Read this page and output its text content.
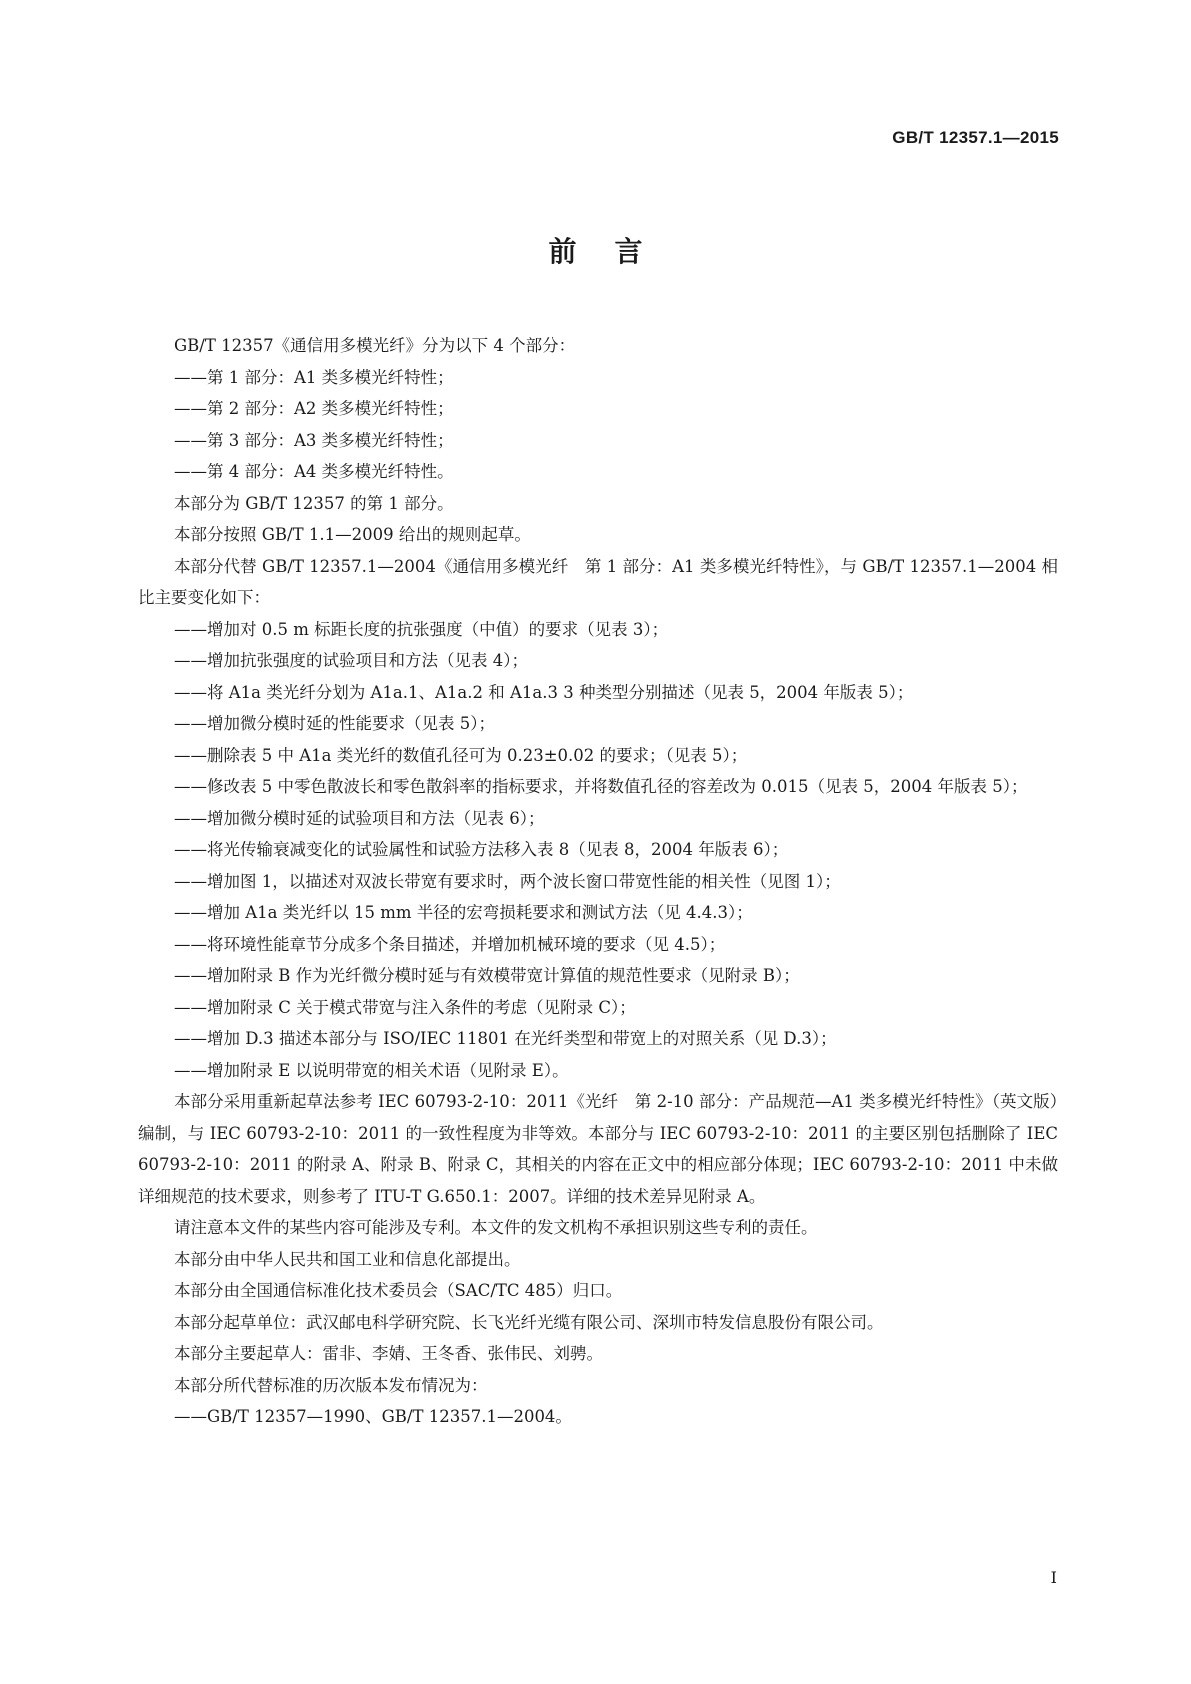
GB/T 12357.1—2015
前言

GB/T 12357《通信用多模光纤》分为以下 4 个部分：

——第 1 部分：A1 类多模光纤特性；

——第 2 部分：A2 类多模光纤特性；

——第 3 部分：A3 类多模光纤特性；

——第 4 部分：A4 类多模光纤特性。

本部分为 GB/T 12357 的第 1 部分。

本部分按照 GB/T 1.1—2009 给出的规则起草。

本部分代替 GB/T 12357.1—2004《通信用多模光纤　第 1 部分：A1 类多模光纤特性》，与 GB/T 12357.1—2004 相比主要变化如下：

——增加对 0.5 m 标距长度的抗张强度（中值）的要求（见表 3）；

——增加抗张强度的试验项目和方法（见表 4）；

——将 A1a 类光纤分划为 A1a.1、A1a.2 和 A1a.3 3 种类型分别描述（见表 5，2004 年版表 5）；

——增加微分模时延的性能要求（见表 5）；

——删除表 5 中 A1a 类光纤的数值孔径可为 0.23±0.02 的要求；（见表 5）；

——修改表 5 中零色散波长和零色散斜率的指标要求，并将数值孔径的容差改为 0.015（见表 5，2004 年版表 5）；

——增加微分模时延的试验项目和方法（见表 6）；

——将光传输衰减变化的试验属性和试验方法移入表 8（见表 8，2004 年版表 6）；

——增加图 1，以描述对双波长带宽有要求时，两个波长窗口带宽性能的相关性（见图 1）；

——增加 A1a 类光纤以 15 mm 半径的宏弯损耗要求和测试方法（见 4.4.3）；

——将环境性能章节分成多个条目描述，并增加机械环境的要求（见 4.5）；

——增加附录 B 作为光纤微分模时延与有效模带宽计算值的规范性要求（见附录 B）；

——增加附录 C 关于模式带宽与注入条件的考虑（见附录 C）；

——增加 D.3 描述本部分与 ISO/IEC 11801 在光纤类型和带宽上的对照关系（见 D.3）；

——增加附录 E 以说明带宽的相关术语（见附录 E）。

本部分采用重新起草法参考 IEC 60793-2-10：2011《光纤　第 2-10 部分：产品规范—A1 类多模光纤特性》（英文版）编制，与 IEC 60793-2-10：2011 的一致性程度为非等效。本部分与 IEC 60793-2-10：2011 的主要区别包括删除了 IEC 60793-2-10：2011 的附录 A、附录 B、附录 C，其相关的内容在正文中的相应部分体现；IEC 60793-2-10：2011 中未做详细规范的技术要求，则参考了 ITU-T G.650.1：2007。详细的技术差异见附录 A。

请注意本文件的某些内容可能涉及专利。本文件的发文机构不承担识别这些专利的责任。

本部分由中华人民共和国工业和信息化部提出。

本部分由全国通信标准化技术委员会（SAC/TC 485）归口。

本部分起草单位：武汉邮电科学研究院、长飞光纤光缆有限公司、深圳市特发信息股份有限公司。

本部分主要起草人：雷非、李婧、王冬香、张伟民、刘骋。

本部分所代替标准的历次版本发布情况为：

——GB/T 12357—1990、GB/T 12357.1—2004。

I
